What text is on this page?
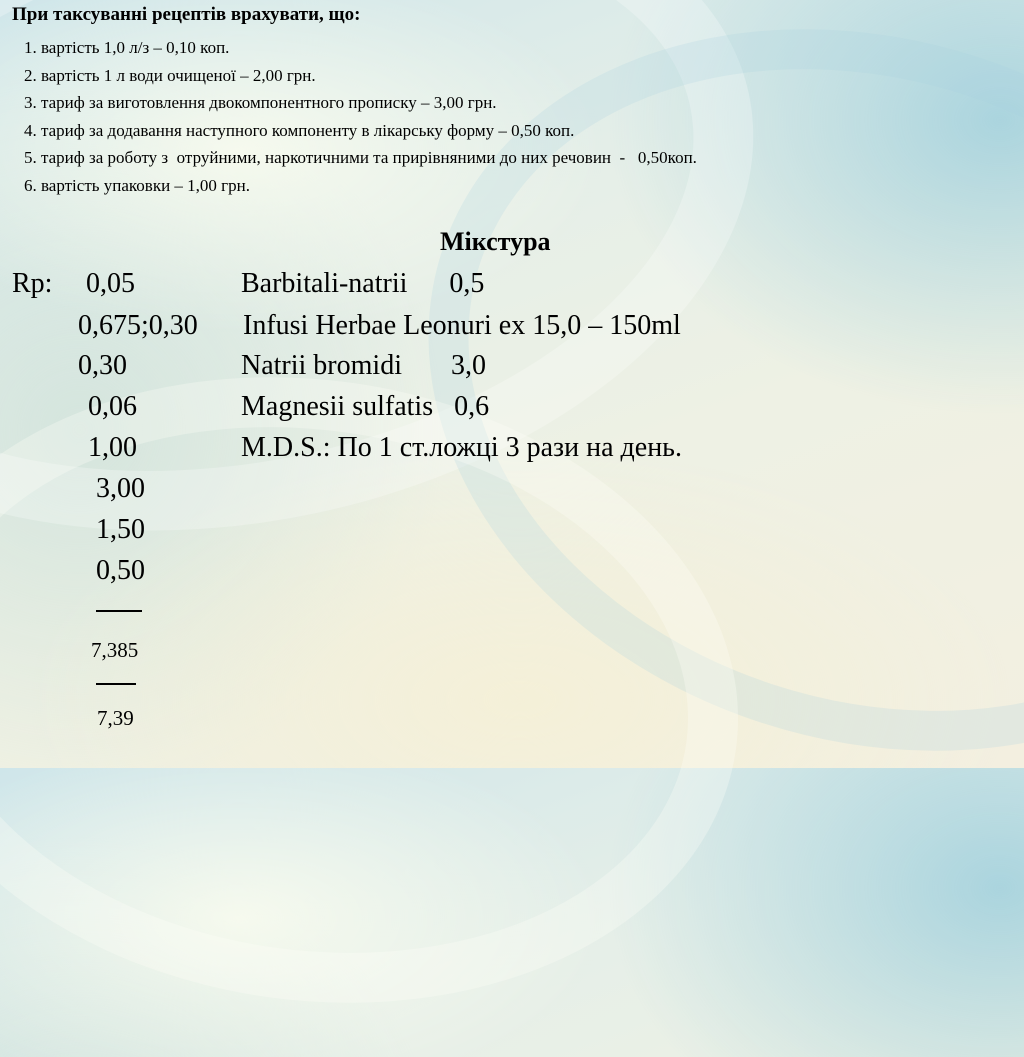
При таксуванні рецептів врахувати, що:
1. вартість 1,0 л/з – 0,10 коп.
2. вартість 1 л води очищеної – 2,00 грн.
3. тариф за виготовлення двокомпонентного прописку – 3,00 грн.
4. тариф за додавання наступного компоненту в лікарську форму – 0,50 коп.
5. тариф за роботу з  отруйними, наркотичними та прирівняними до них речовин  -   0,50коп.
6. вартість упаковки – 1,00 грн.
Мікстура
Rp: 0,05
0,675;0,30
0,30
0,06
1,00
3,00
1,50
0,50
Barbitali-natrii      0,5
Infusi Herbae Leonuri ex 15,0 – 150ml
Natrii bromidi       3,0
Magnesii sulfatis   0,6
M.D.S.: По 1 ст.ложці 3 рази на день.
7,385
7,39
